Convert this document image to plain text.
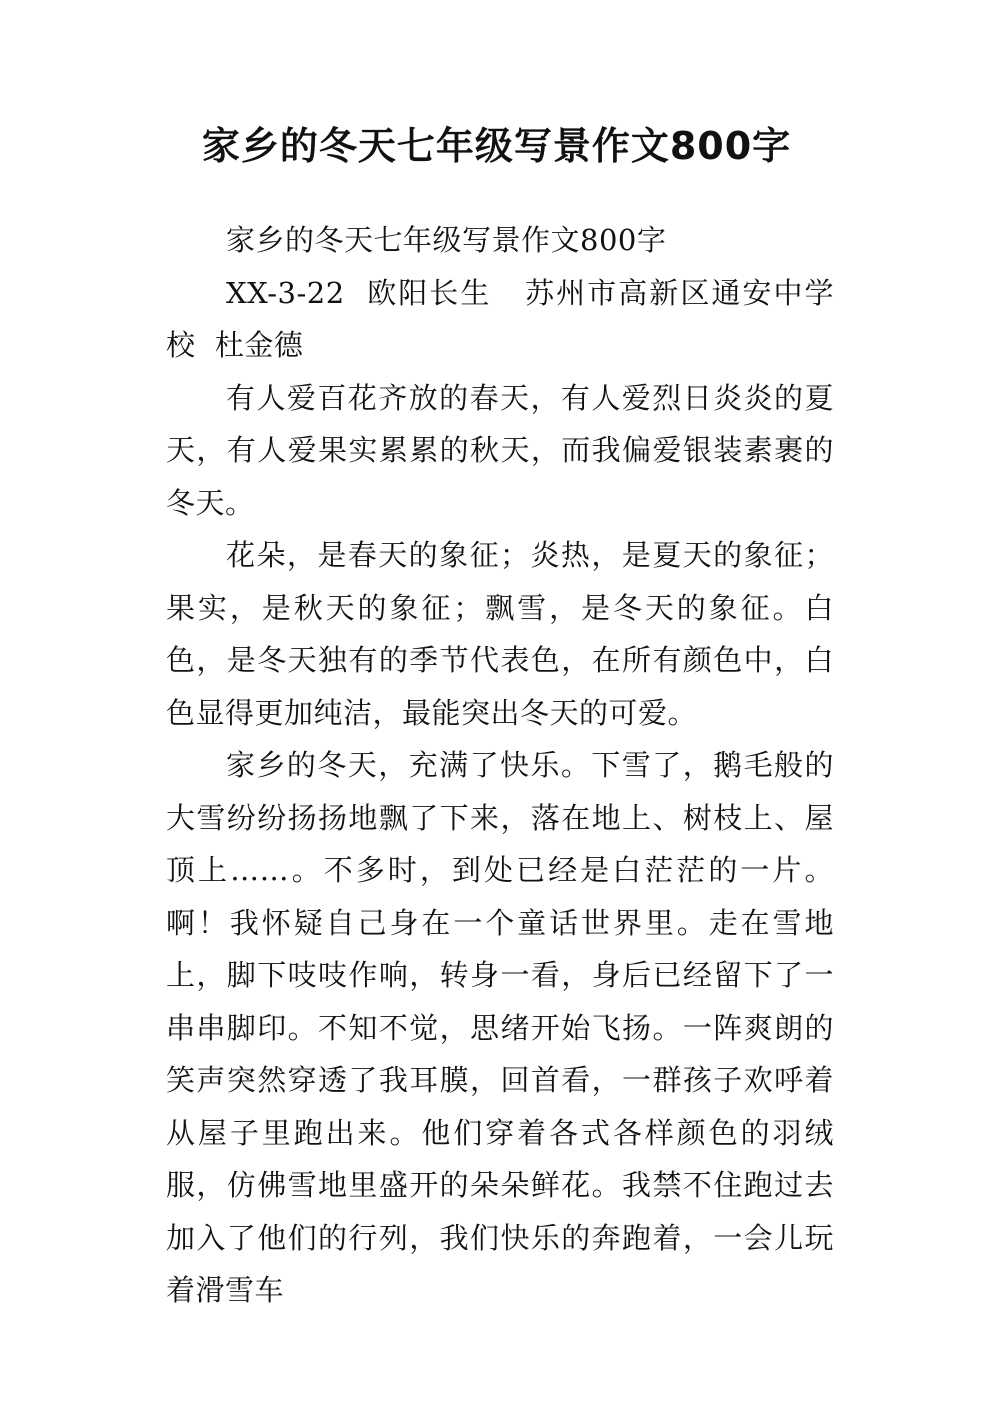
家乡的冬天七年级写景作文800字

家乡的冬天七年级写景作文800字

XX-3-22  欧阳长生   苏州市高新区通安中学校  杜金德

有人爱百花齐放的春天，有人爱烈日炎炎的夏天，有人爱果实累累的秋天，而我偏爱银装素裹的冬天。

花朵，是春天的象征；炎热，是夏天的象征；果实，是秋天的象征；飘雪，是冬天的象征。白色，是冬天独有的季节代表色，在所有颜色中，白色显得更加纯洁，最能突出冬天的可爱。

家乡的冬天，充满了快乐。下雪了，鹅毛般的大雪纷纷扬扬地飘了下来，落在地上、树枝上、屋顶上……。不多时，到处已经是白茫茫的一片。啊！我怀疑自己身在一个童话世界里。走在雪地上，脚下吱吱作响，转身一看，身后已经留下了一串串脚印。不知不觉，思绪开始飞扬。一阵爽朗的笑声突然穿透了我耳膜，回首看，一群孩子欢呼着从屋子里跑出来。他们穿着各式各样颜色的羽绒服，仿佛雪地里盛开的朵朵鲜花。我禁不住跑过去加入了他们的行列，我们快乐的奔跑着，一会儿玩着滑雪车
